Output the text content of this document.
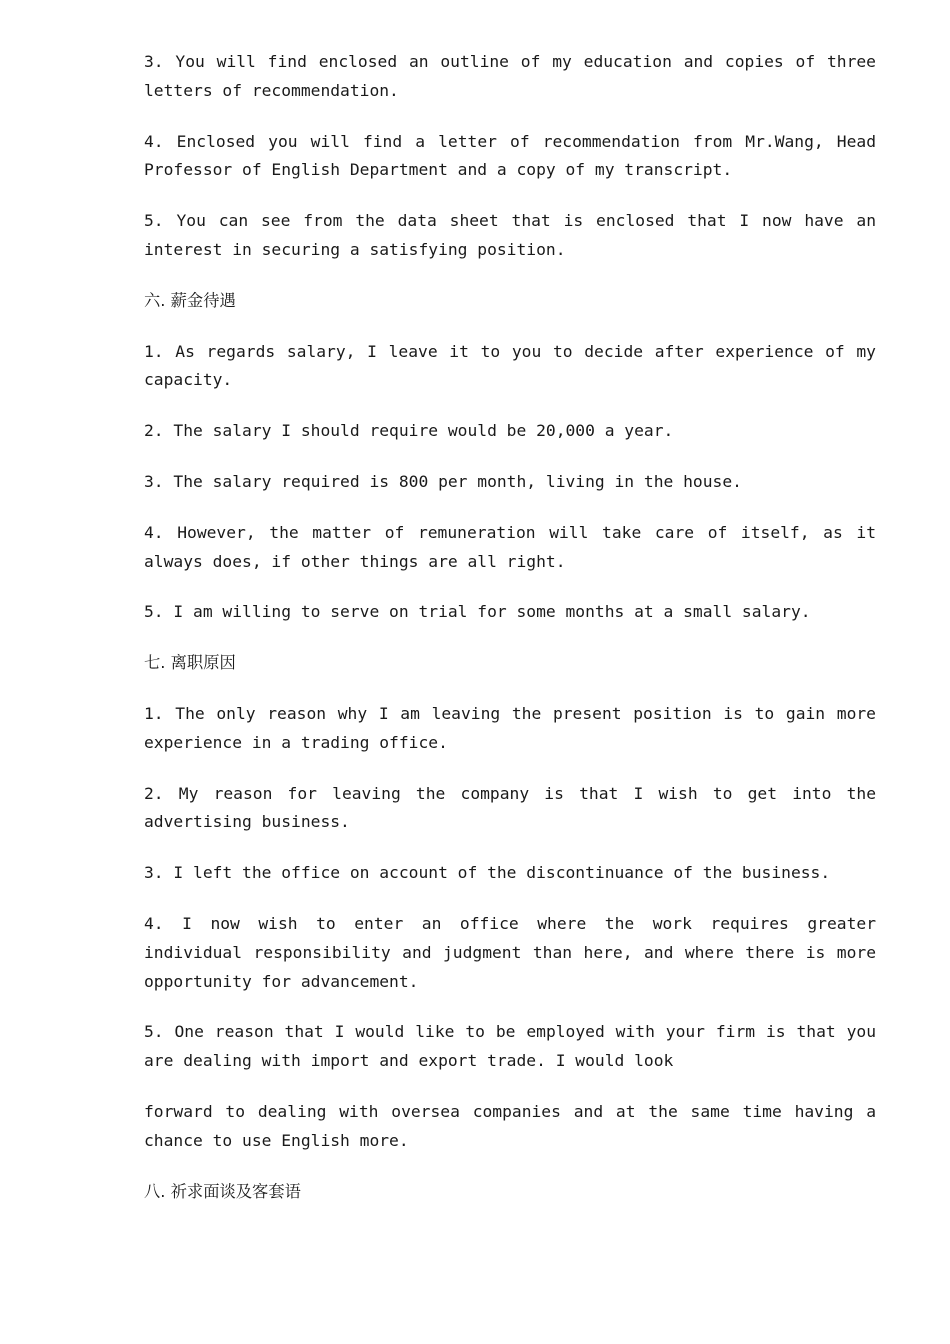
3. You will find enclosed an outline of my education and copies of three letters of recommendation.

4. Enclosed you will find a letter of recommendation from Mr.Wang, Head Professor of English Department and a copy of my transcript.

5. You can see from the data sheet that is enclosed that I now have an interest in securing a satisfying position.

六. 薪金待遇

1. As regards salary, I leave it to you to decide after experience of my capacity.

2. The salary I should require would be 20,000 a year.

3. The salary required is 800 per month, living in the house.

4. However, the matter of remuneration will take care of itself, as it always does, if other things are all right.

5. I am willing to serve on trial for some months at a small salary.

七. 离职原因

1. The only reason why I am leaving the present position is to gain more experience in a trading office.

2. My reason for leaving the company is that I wish to get into the advertising business.

3. I left the office on account of the discontinuance of the business.

4. I now wish to enter an office where the work requires greater individual responsibility and judgment than here, and where there is more opportunity for advancement.

5. One reason that I would like to be employed with your firm is that you are dealing with import and export trade. I would look

forward to dealing with oversea companies and at the same time having a chance to use English more.

八. 祈求面谈及客套语
